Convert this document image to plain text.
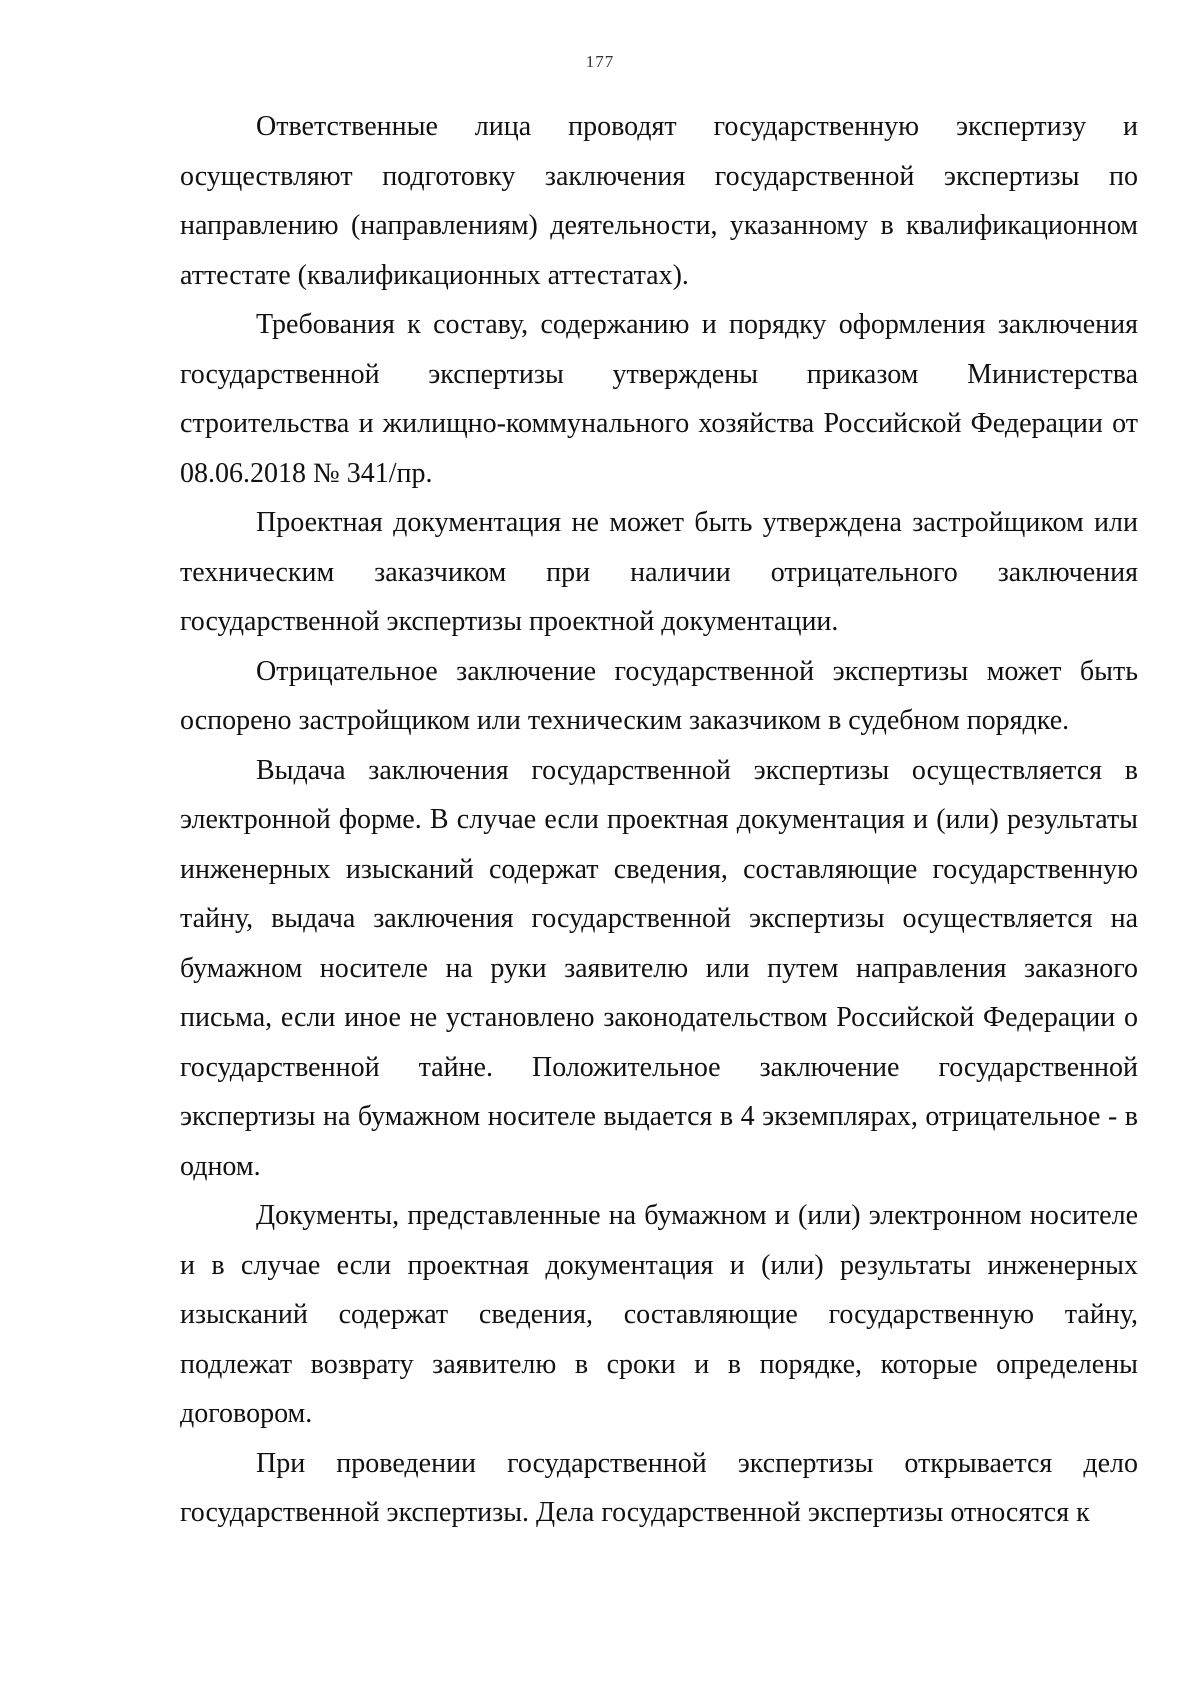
177

Ответственные лица проводят государственную экспертизу и осуществляют подготовку заключения государственной экспертизы по направлению (направлениям) деятельности, указанному в квалификационном аттестате (квалификационных аттестатах).

Требования к составу, содержанию и порядку оформления заключения государственной экспертизы утверждены приказом Министерства строительства и жилищно-коммунального хозяйства Российской Федерации от 08.06.2018 № 341/пр.

Проектная документация не может быть утверждена застройщиком или техническим заказчиком при наличии отрицательного заключения государственной экспертизы проектной документации.

Отрицательное заключение государственной экспертизы может быть оспорено застройщиком или техническим заказчиком в судебном порядке.

Выдача заключения государственной экспертизы осуществляется в электронной форме. В случае если проектная документация и (или) результаты инженерных изысканий содержат сведения, составляющие государственную тайну, выдача заключения государственной экспертизы осуществляется на бумажном носителе на руки заявителю или путем направления заказного письма, если иное не установлено законодательством Российской Федерации о государственной тайне. Положительное заключение государственной экспертизы на бумажном носителе выдается в 4 экземплярах, отрицательное - в одном.

Документы, представленные на бумажном и (или) электронном носителе и в случае если проектная документация и (или) результаты инженерных изысканий содержат сведения, составляющие государственную тайну, подлежат возврату заявителю в сроки и в порядке, которые определены договором.

При проведении государственной экспертизы открывается дело государственной экспертизы. Дела государственной экспертизы относятся к
